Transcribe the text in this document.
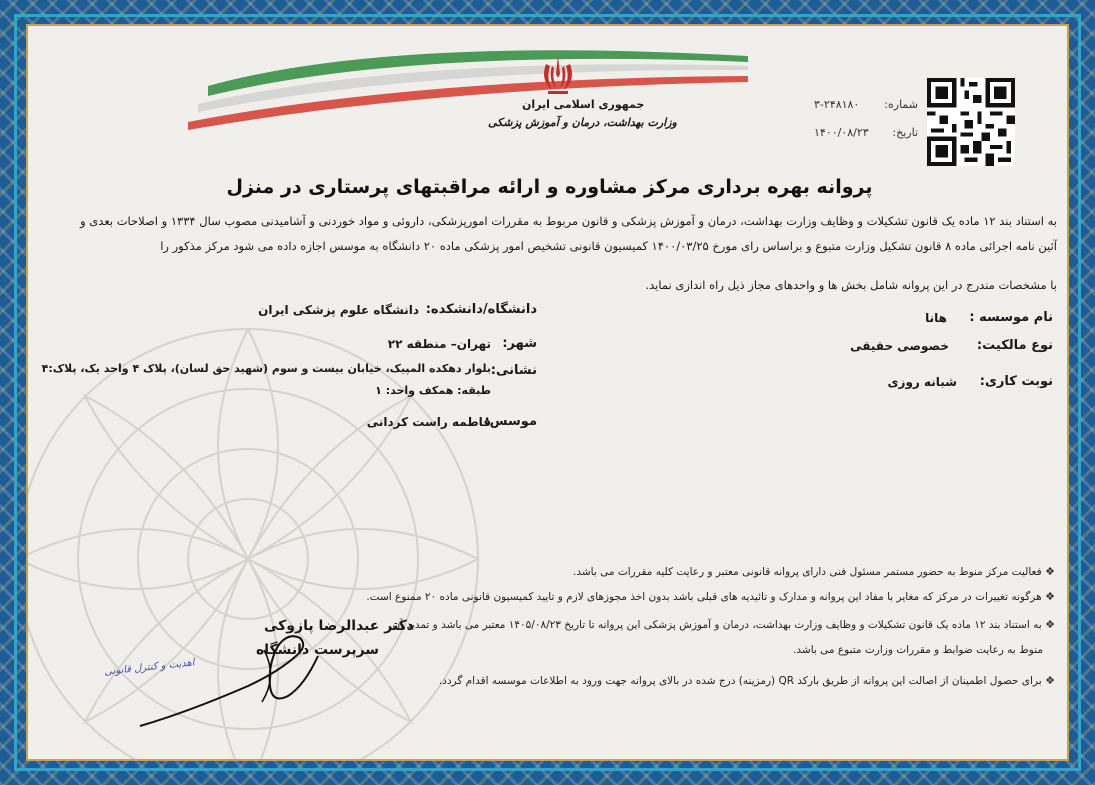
جمهوری اسلامی ایران
وزارت بهداشت، درمان و آموزش پزشکی
شماره:
۳-۲۴۸۱۸۰
تاریخ:
۱۴۰۰/۰۸/۲۳
پروانه بهره برداری مرکز مشاوره و ارائه مراقبتهای پرستاری در منزل
به استناد بند ۱۲ ماده یک قانون تشکیلات و وظایف وزارت بهداشت، درمان و آموزش پزشکی و قانون مربوط به مقررات امورپزشکی، داروئی و مواد خوردنی و آشامیدنی مصوب سال ۱۳۳۴ و اصلاحات بعدی و
آئین نامه اجرائی ماده ۸ قانون تشکیل وزارت متبوع و براساس رای مورخ ۱۴۰۰/۰۳/۲۵ کمیسیون قانونی تشخیص امور پزشکی ماده ۲۰ دانشگاه به موسس اجازه داده می شود مرکز مذکور را
با مشخصات مندرج در این پروانه شامل بخش ها و واحدهای مجاز ذیل راه اندازی نماید.
نام موسسه :
هانا
نوع مالکیت:
خصوصی حقیقی
نوبت کاری:
شبانه روزی
دانشگاه/دانشکده:
دانشگاه علوم پزشکی ایران
شهر:
تهران– منطقه ۲۲
نشانی:
بلوار دهکده المپیک، خیابان بیست و سوم (شهید حق لسان)، پلاک ۴ واحد یک، پلاک:۴
طبقه: همکف واحد: ۱
موسس:
فاطمه راست کردانی
❖ فعالیت مرکز منوط به حضور مستمر مسئول فنی دارای پروانه قانونی معتبر و رعایت کلیه مقررات می باشد.
❖ هرگونه تغییرات در مرکز که مغایر با مفاد این پروانه و مدارک و تائیدیه های قبلی باشد بدون اخذ مجوزهای لازم و تایید کمیسیون قانونی ماده ۲۰ ممنوع است.
❖ به استناد بند ۱۲ ماده یک قانون تشکیلات و وظایف وزارت بهداشت، درمان و آموزش پزشکی این پروانه تا تاریخ ۱۴۰۵/۰۸/۲۳ معتبر می باشد و تمدید آن
منوط به رعایت ضوابط و مقررات وزارت متبوع می باشد.
❖ برای حصول اطمینان از اصالت این پروانه از طریق بارکد QR (رمزینه) درج شده در بالای پروانه جهت ورود به اطلاعات موسسه اقدام گردد.
دکتر عبدالرضا پازوکی
سرپرست دانشگاه
اهدیت و کنترل قانونی
